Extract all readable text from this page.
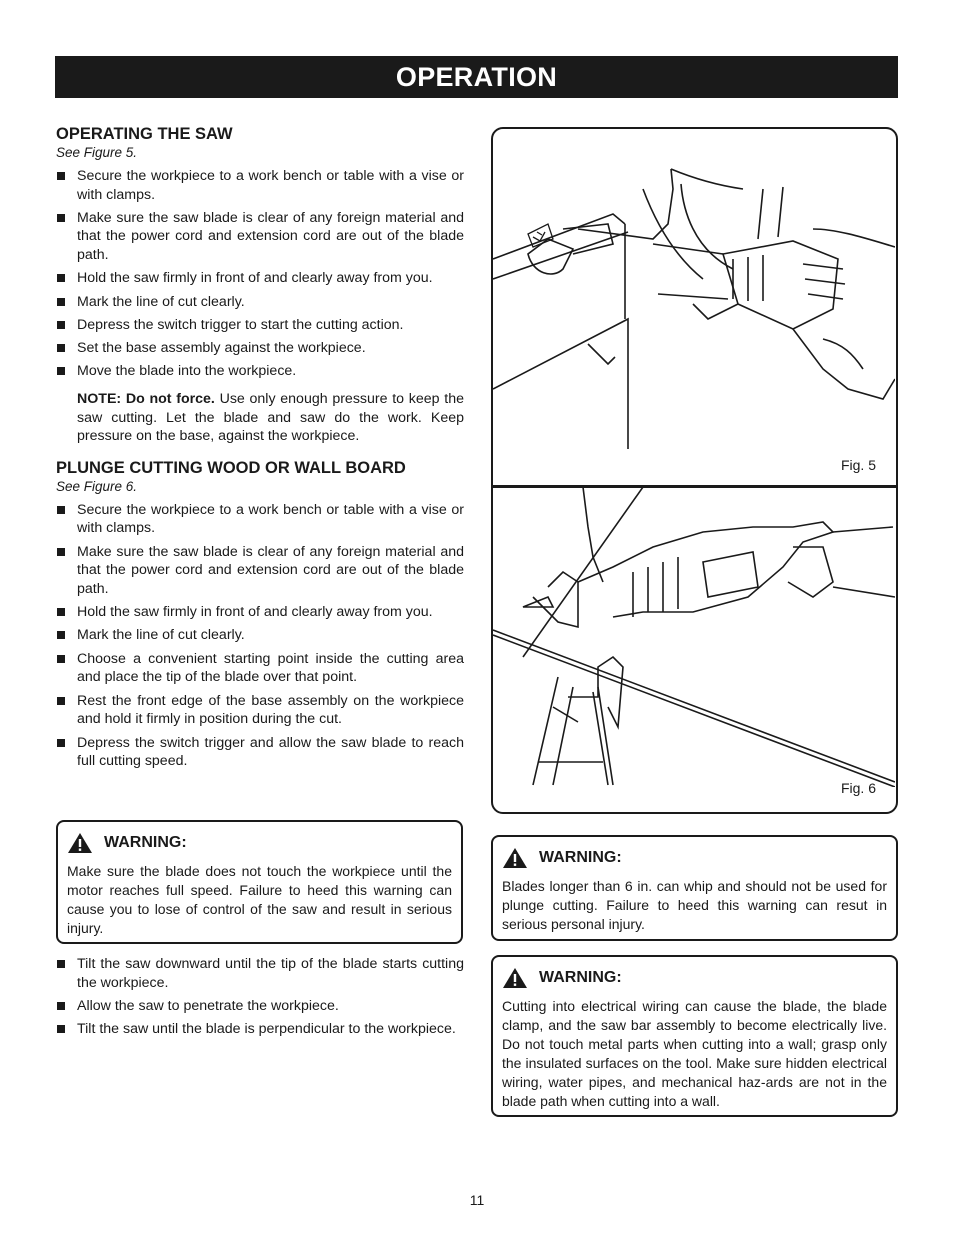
OPERATION
OPERATING THE SAW

See Figure 5.

Secure the workpiece to a work bench or table with a vise or with clamps.
Make sure the saw blade is clear of any foreign material and that the power cord and extension cord are out of the blade path.
Hold the saw firmly in front of and clearly away from you.
Mark the line of cut clearly.
Depress the switch trigger to start the cutting action.
Set the base assembly against the workpiece.
Move the blade into the workpiece.

NOTE: Do not force. Use only enough pressure to keep the saw cutting. Let the blade and saw do the work. Keep pressure on the base, against the workpiece.

PLUNGE CUTTING WOOD OR WALL BOARD

See Figure 6.

Secure the workpiece to a work bench or table with a vise or with clamps.
Make sure the saw blade is clear of any foreign material and that the power cord and extension cord are out of the blade path.
Hold the saw firmly in front of and clearly away from you.
Mark the line of cut clearly.
Choose a convenient starting point inside the cutting area and place the tip of the blade over that point.
Rest the front edge of the base assembly on the workpiece and hold it firmly in position during the cut.
Depress the switch trigger and allow the saw blade to reach full cutting speed.
WARNING:
Make sure the blade does not touch the workpiece until the motor reaches full speed. Failure to heed this warning can cause you to lose of control of the saw and result in serious injury.
Tilt the saw downward until the tip of the blade starts cutting the workpiece.
Allow the saw to penetrate the workpiece.
Tilt the saw until the blade is perpendicular to the workpiece.
Fig. 5
Fig. 6
WARNING:
Blades longer than 6 in. can whip and should not be used for plunge cutting. Failure to heed this warning can resut in serious personal injury.
WARNING:
Cutting into electrical wiring can cause the blade, the blade clamp, and the saw bar assembly to become electrically live. Do not touch metal parts when cutting into a wall; grasp only the insulated surfaces on the tool. Make sure hidden electrical wiring, water pipes, and mechanical haz-ards are not in the blade path when cutting into a wall.
11
